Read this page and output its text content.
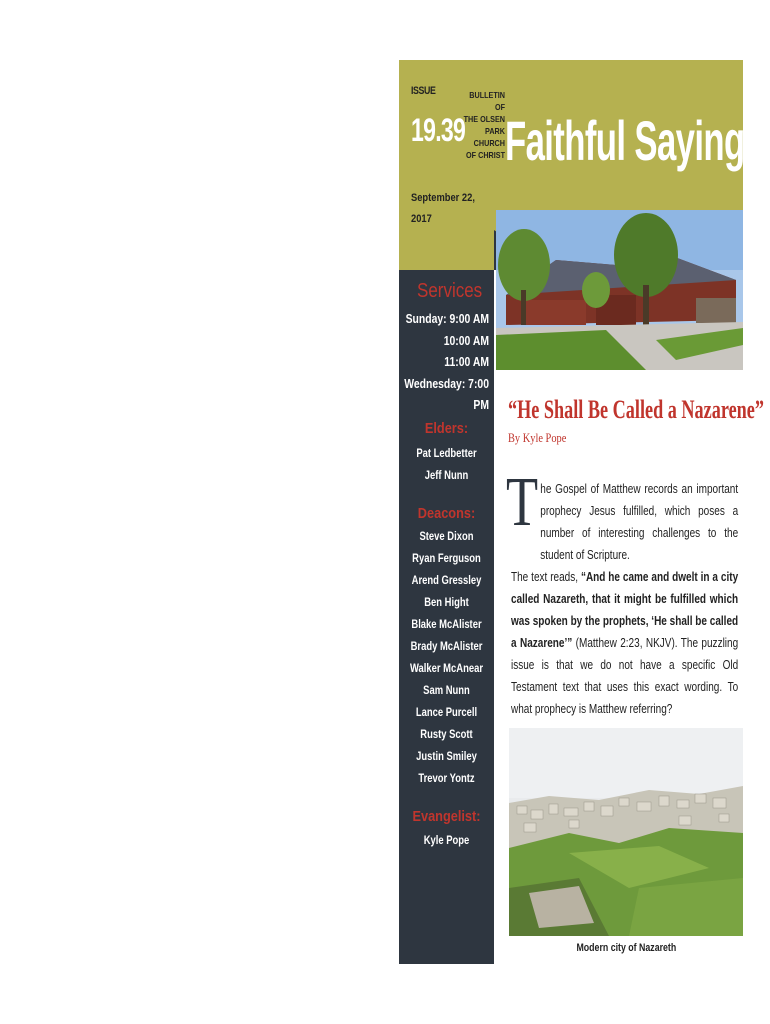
ISSUE
19.39
BULLETIN OF
THE OLSEN
PARK CHURCH
OF CHRIST Faithful Sayings
September 22,
2017
Services
Sunday: 9:00 AM
10:00 AM
11:00 AM
Wednesday: 7:00 PM
Elders:
Pat Ledbetter
Jeff Nunn
Deacons:
Steve Dixon
Ryan Ferguson
Arend Gressley
Ben Hight
Blake McAlister
Brady McAlister
Walker McAnear
Sam Nunn
Lance Purcell
Rusty Scott
Justin Smiley
Trevor Yontz
Evangelist:
Kyle Pope
“He Shall Be Called a Nazarene”
By Kyle Pope
T he Gospel of Matthew records an important prophecy Jesus fulfilled, which poses a number of interesting challenges to the student of Scripture.

The text reads, “And he came and dwelt in a city called Nazareth, that it might be fulfilled which was spoken by the prophets, ‘He shall be called a Nazarene’” (Matthew 2:23, NKJV). The puzzling issue is that we do not have a specific Old Testament text that uses this exact wording. To what prophecy is Matthew referring?

Modern city of Nazareth
